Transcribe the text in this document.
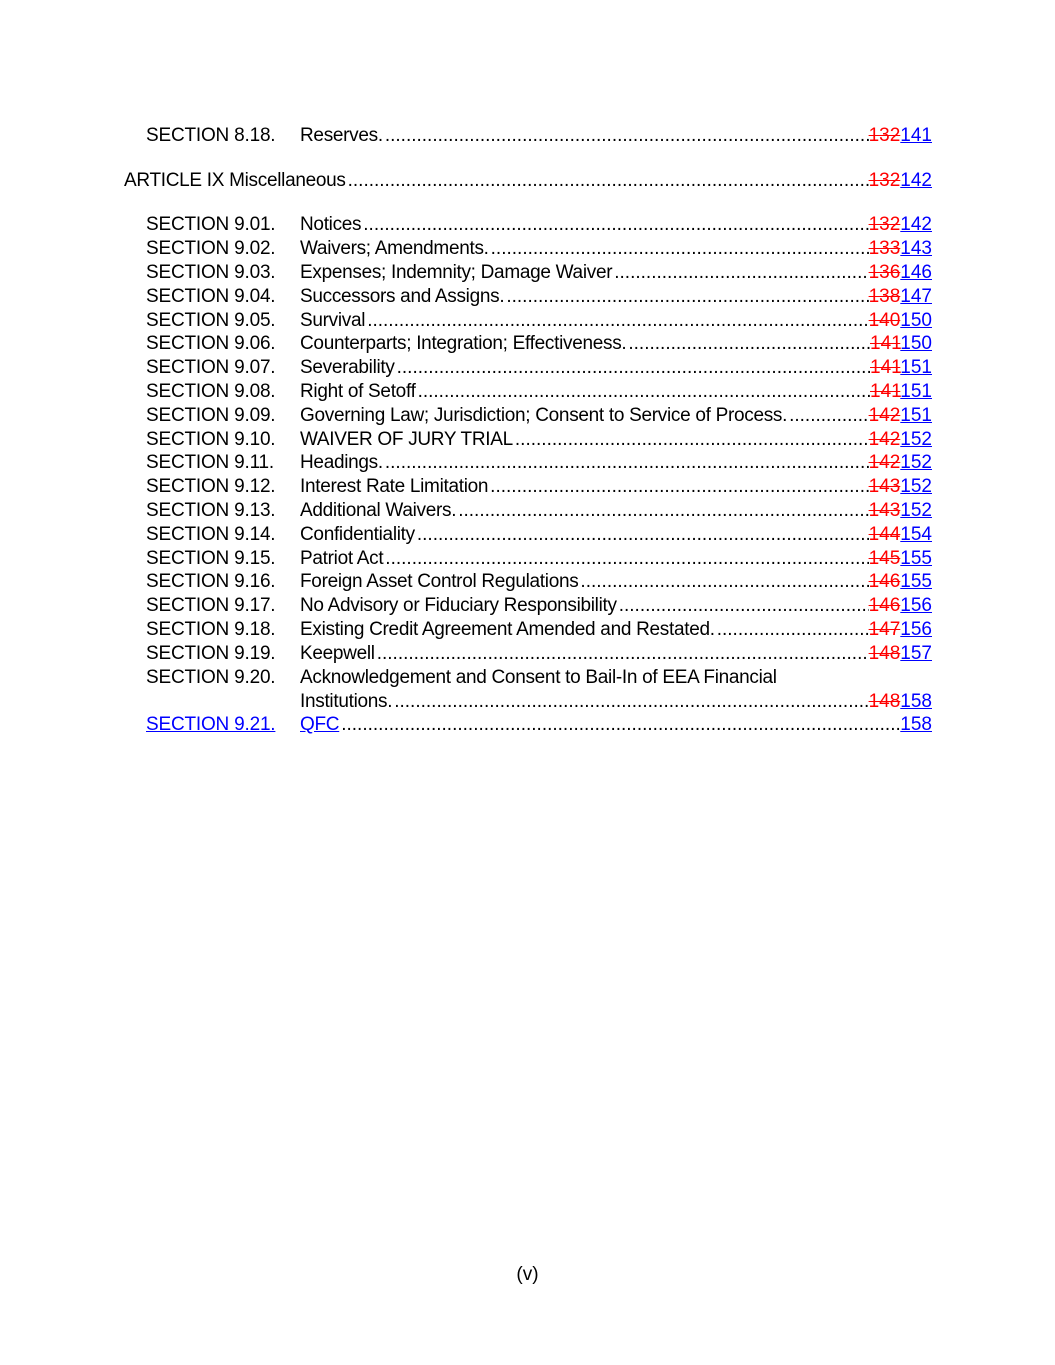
SECTION 8.18. Reserves. .....	132141
ARTICLE IX Miscellaneous .....	132142
SECTION 9.01. Notices .....	132142
SECTION 9.02. Waivers; Amendments. .....	133143
SECTION 9.03. Expenses; Indemnity; Damage Waiver .....	136146
SECTION 9.04. Successors and Assigns. .....	138147
SECTION 9.05. Survival .....	140150
SECTION 9.06. Counterparts; Integration; Effectiveness. .....	141150
SECTION 9.07. Severability .....	141151
SECTION 9.08. Right of Setoff .....	141151
SECTION 9.09. Governing Law; Jurisdiction; Consent to Service of Process. .....	142151
SECTION 9.10. WAIVER OF JURY TRIAL .....	142152
SECTION 9.11. Headings. .....	142152
SECTION 9.12. Interest Rate Limitation .....	143152
SECTION 9.13. Additional Waivers. .....	143152
SECTION 9.14. Confidentiality .....	144154
SECTION 9.15. Patriot Act .....	145155
SECTION 9.16. Foreign Asset Control Regulations .....	146155
SECTION 9.17. No Advisory or Fiduciary Responsibility .....	146156
SECTION 9.18. Existing Credit Agreement Amended and Restated. .....	147156
SECTION 9.19. Keepwell .....	148157
SECTION 9.20. Acknowledgement and Consent to Bail-In of EEA Financial
Institutions. .....	148158
SECTION 9.21. QFC .....	158
(v)
